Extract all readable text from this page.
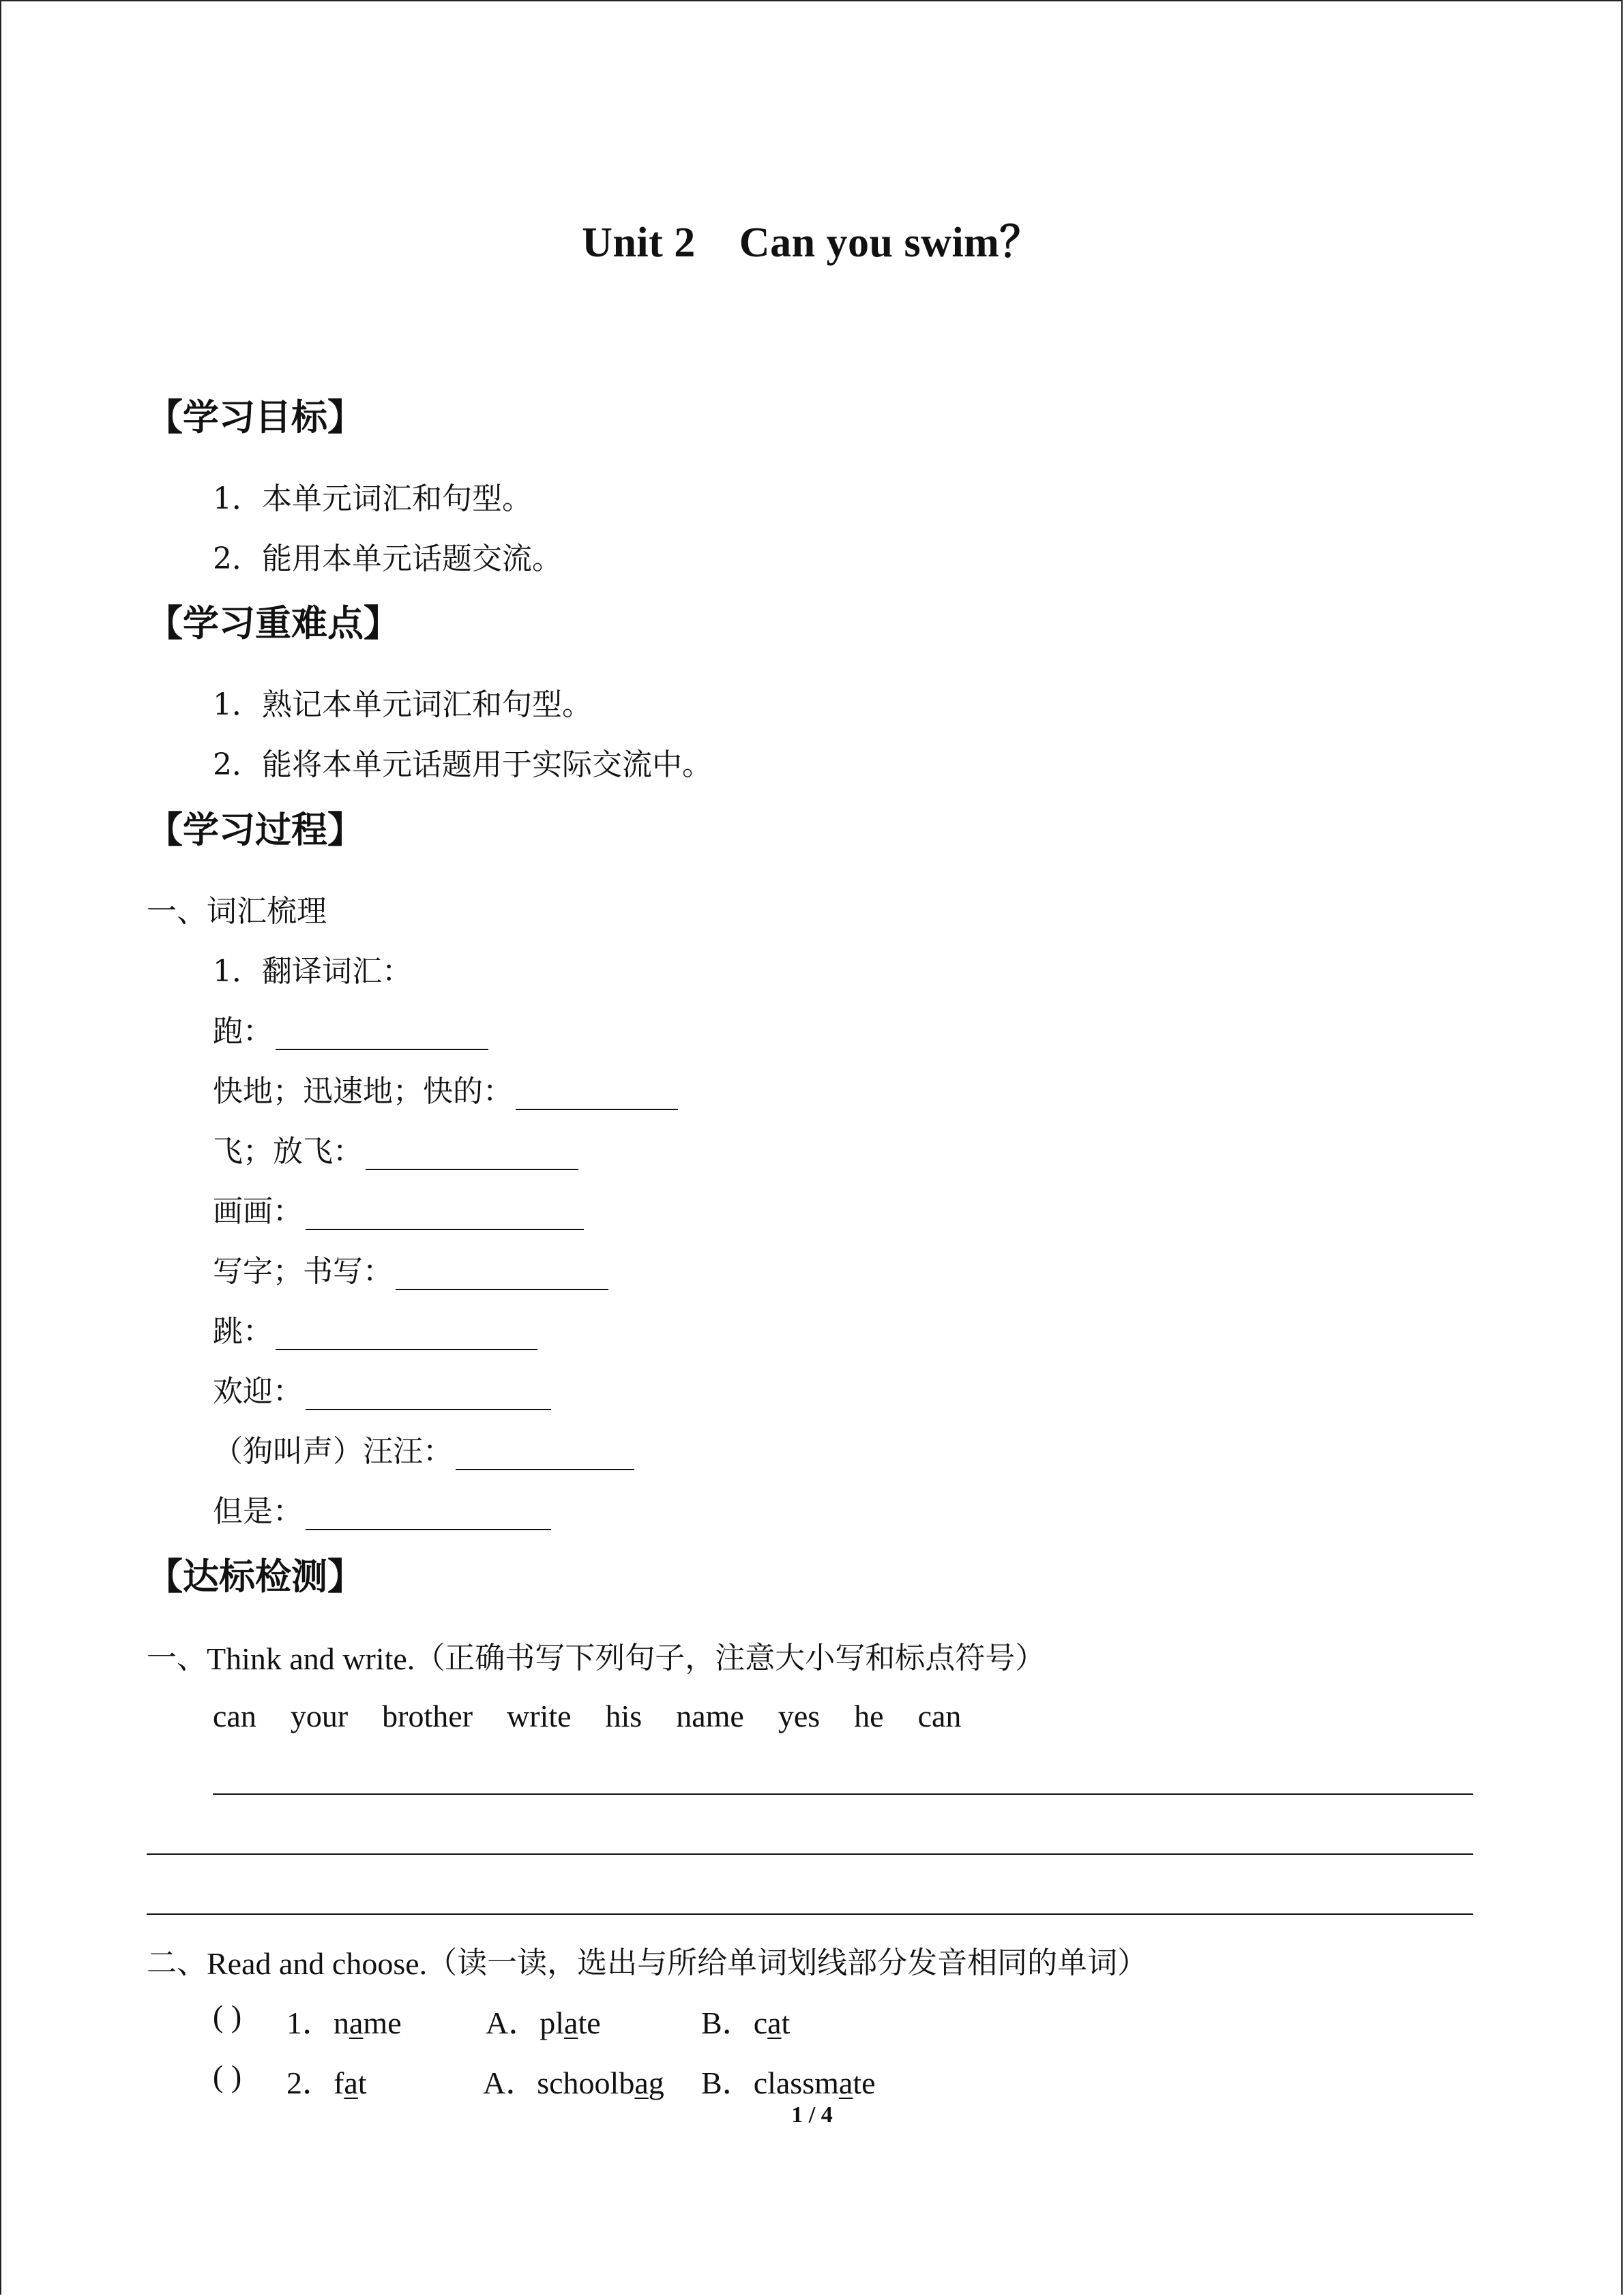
Unit 2    Can you swim？
【学习目标】
1．本单元词汇和句型。
2．能用本单元话题交流。
【学习重难点】
1．熟记本单元词汇和句型。
2．能将本单元话题用于实际交流中。
【学习过程】
一、词汇梳理
1．翻译词汇：
跑：
快地；迅速地；快的：
飞；放飞：
画画：
写字；书写：
跳：
欢迎：
（狗叫声）汪汪：
但是：
【达标检测】
一、 Think and write. （正确书写下列句子，注意大小写和标点符号）
can your brother write his name yes he can
二、 Read and choose. （读一读，选出与所给单词划线部分发音相同的单词）
( ) 1．name	A．plate	B．cat
( ) 2．fat	A．schoolbag B．classmate
1 / 4
